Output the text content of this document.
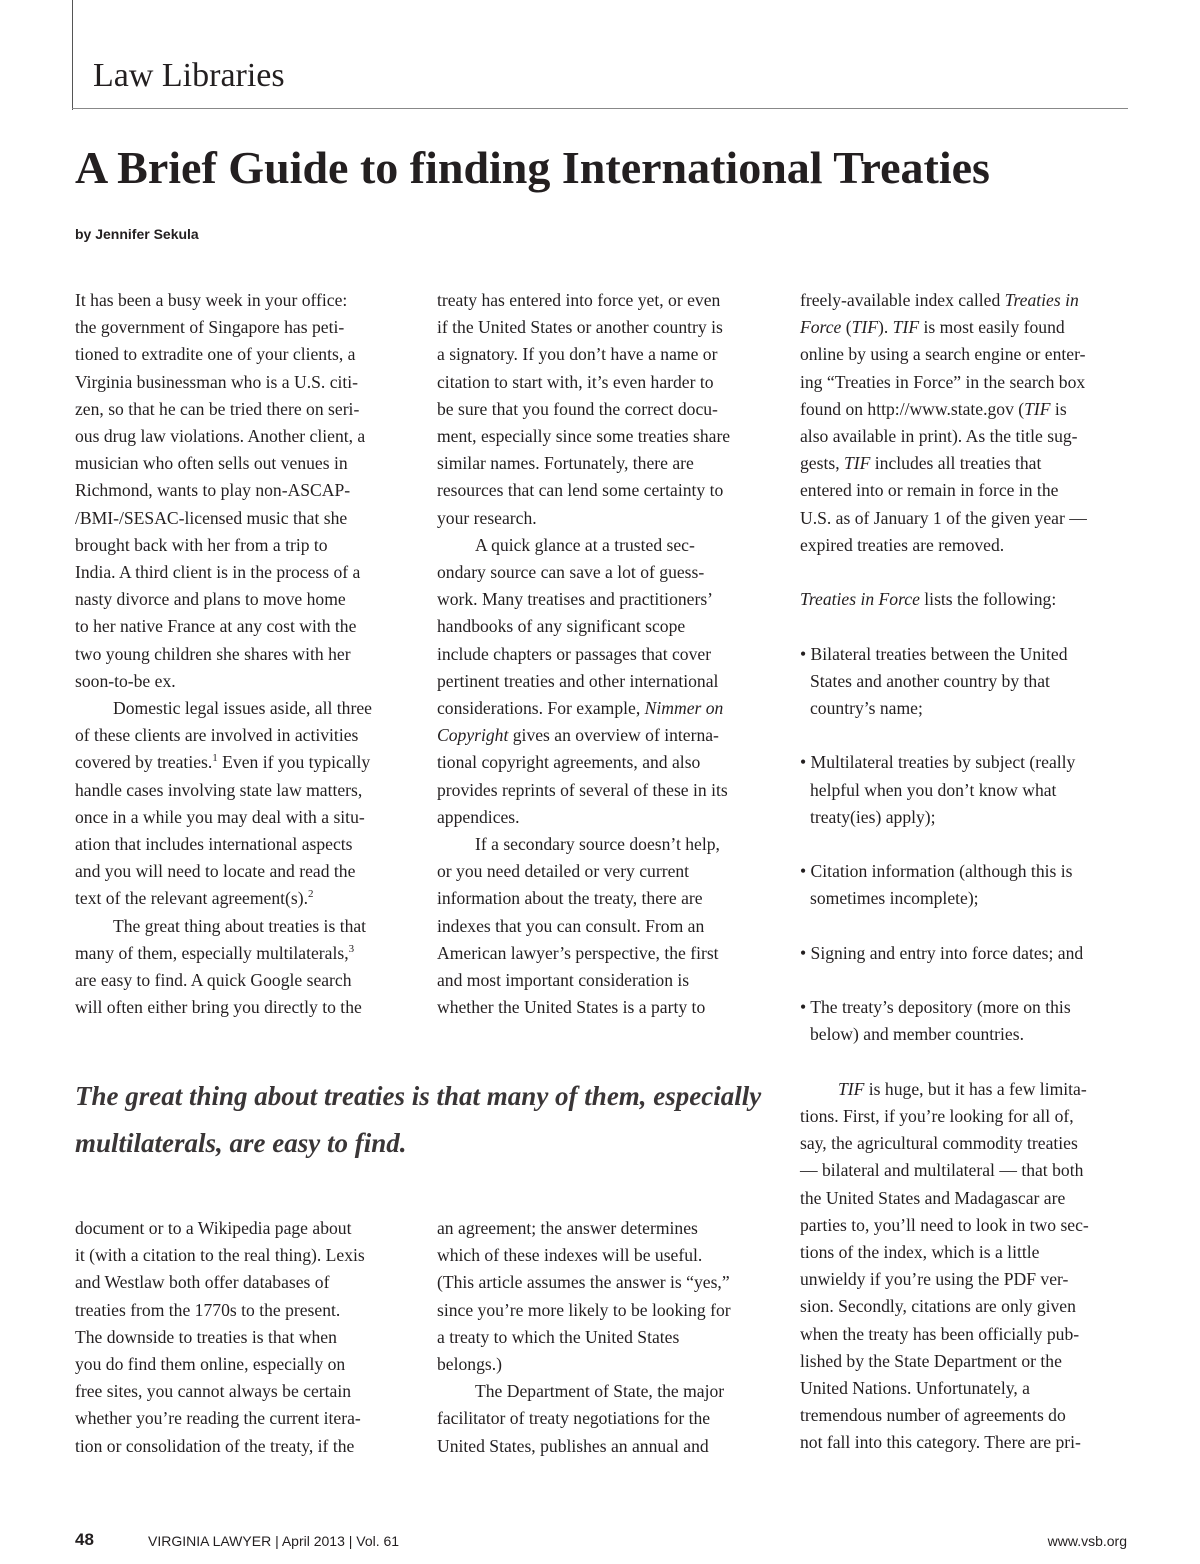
Law Libraries
A Brief Guide to finding International Treaties
by Jennifer Sekula

It has been a busy week in your office:

the government of Singapore has peti-

tioned to extradite one of your clients, a

Virginia businessman who is a U.S. citi-

zen, so that he can be tried there on seri-

ous drug law violations. Another client, a

musician who often sells out venues in

Richmond, wants to play non-ASCAP-

/BMI-/SESAC-licensed music that she

brought back with her from a trip to

India. A third client is in the process of a

nasty divorce and plans to move home

to her native France at any cost with the

two young children she shares with her

soon-to-be ex.

Domestic legal issues aside, all three

of these clients are involved in activities

covered by treaties.$^1$ Even if you typically

handle cases involving state law matters,

once in a while you may deal with a situ-

ation that includes international aspects

and you will need to locate and read the

text of the relevant agreement(s).$^2$

The great thing about treaties is that

many of them, especially multilaterals,$^3$

are easy to find. A quick Google search

will often either bring you directly to the

treaty has entered into force yet, or even

if the United States or another country is

a signatory. If you don’t have a name or

citation to start with, it’s even harder to

be sure that you found the correct docu-

ment, especially since some treaties share

similar names. Fortunately, there are

resources that can lend some certainty to

your research.

A quick glance at a trusted sec-

ondary source can save a lot of guess-

work. Many treatises and practitioners’

handbooks of any significant scope

include chapters or passages that cover

pertinent treaties and other international

considerations. For example, Nimmer on

Copyright gives an overview of interna-

tional copyright agreements, and also

provides reprints of several of these in its

appendices.

If a secondary source doesn’t help,

or you need detailed or very current

information about the treaty, there are

indexes that you can consult. From an

American lawyer’s perspective, the first

and most important consideration is

whether the United States is a party to

freely-available index called Treaties in

Force (TIF). TIF is most easily found

online by using a search engine or enter-

ing “Treaties in Force” in the search box

found on http://www.state.gov (TIF is

also available in print). As the title sug-

gests, TIF includes all treaties that

entered into or remain in force in the

U.S. as of January 1 of the given year —

expired treaties are removed.

Treaties in Force lists the following:

• Bilateral treaties between the United

States and another country by that

country’s name;

• Multilateral treaties by subject (really

helpful when you don’t know what

treaty(ies) apply);

• Citation information (although this is

sometimes incomplete);

• Signing and entry into force dates; and

• The treaty’s depository (more on this

below) and member countries.

TIF is huge, but it has a few limita-

tions. First, if you’re looking for all of,

say, the agricultural commodity treaties

— bilateral and multilateral — that both

the United States and Madagascar are

parties to, you’ll need to look in two sec-

tions of the index, which is a little

unwieldy if you’re using the PDF ver-

sion. Secondly, citations are only given

when the treaty has been officially pub-

lished by the State Department or the

United Nations. Unfortunately, a

tremendous number of agreements do

not fall into this category. There are pri-

The great thing about treaties is that many of them, especially

multilaterals, are easy to find.

document or to a Wikipedia page about

it (with a citation to the real thing). Lexis

and Westlaw both offer databases of

treaties from the 1770s to the present.

The downside to treaties is that when

you do find them online, especially on

free sites, you cannot always be certain

whether you’re reading the current itera-

tion or consolidation of the treaty, if the

an agreement; the answer determines

which of these indexes will be useful.

(This article assumes the answer is “yes,”

since you’re more likely to be looking for

a treaty to which the United States

belongs.)

The Department of State, the major

facilitator of treaty negotiations for the

United States, publishes an annual and

48	VIRGINIA LAWYER | April 2013 | Vol. 61	www.vsb.org
